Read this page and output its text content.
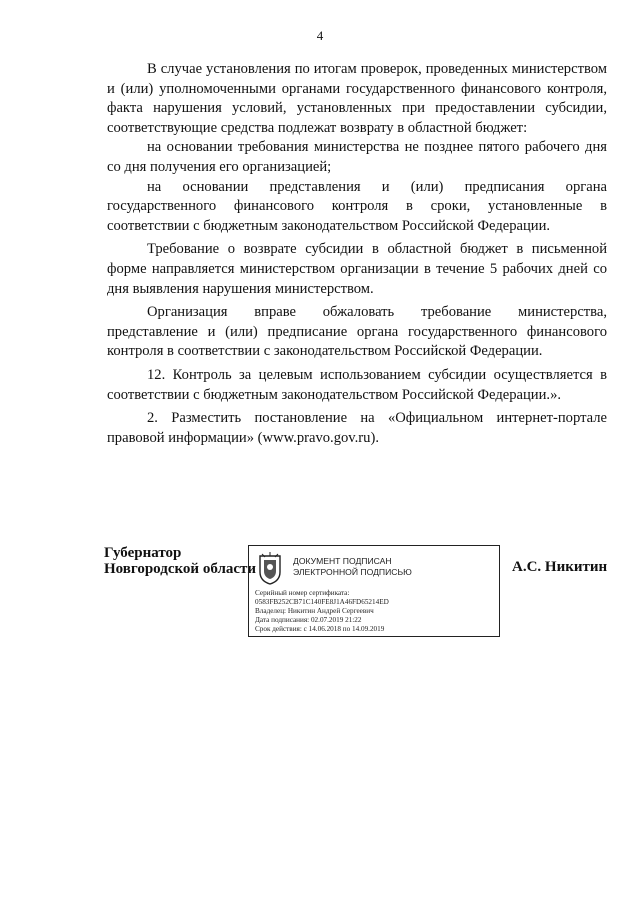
4

В случае установления по итогам проверок, проведенных министерством и (или) уполномоченными органами государственного финансового контроля, факта нарушения условий, установленных при предоставлении субсидии, соответствующие средства подлежат возврату в областной бюджет:

на основании требования министерства не позднее пятого рабочего дня со дня получения его организацией;

на основании представления и (или) предписания органа государственного финансового контроля в сроки, установленные в соответствии с бюджетным законодательством Российской Федерации.

Требование о возврате субсидии в областной бюджет в письменной форме направляется министерством организации в течение 5 рабочих дней со дня выявления нарушения министерством.

Организация вправе обжаловать требование министерства, представление и (или) предписание органа государственного финансового контроля в соответствии с законодательством Российской Федерации.

12. Контроль за целевым использованием субсидии осуществляется в соответствии с бюджетным законодательством Российской Федерации.».

2. Разместить постановление на «Официальном интернет-портале правовой информации» (www.pravo.gov.ru).

Губернатор
Новгородской области	ДОКУМЕНТ ПОДПИСАН
ЭЛЕКТРОННОЙ ПОДПИСЬЮ
Серийный номер сертификата:
0583FB252CB71C140FE8J1A46FD65214ED
Владелец: Никитин Андрей Сергеевич
Дата подписания: 02.07.2019 21:22
Срок действия: с 14.06.2018 по 14.09.2019
А.С. Никитин
